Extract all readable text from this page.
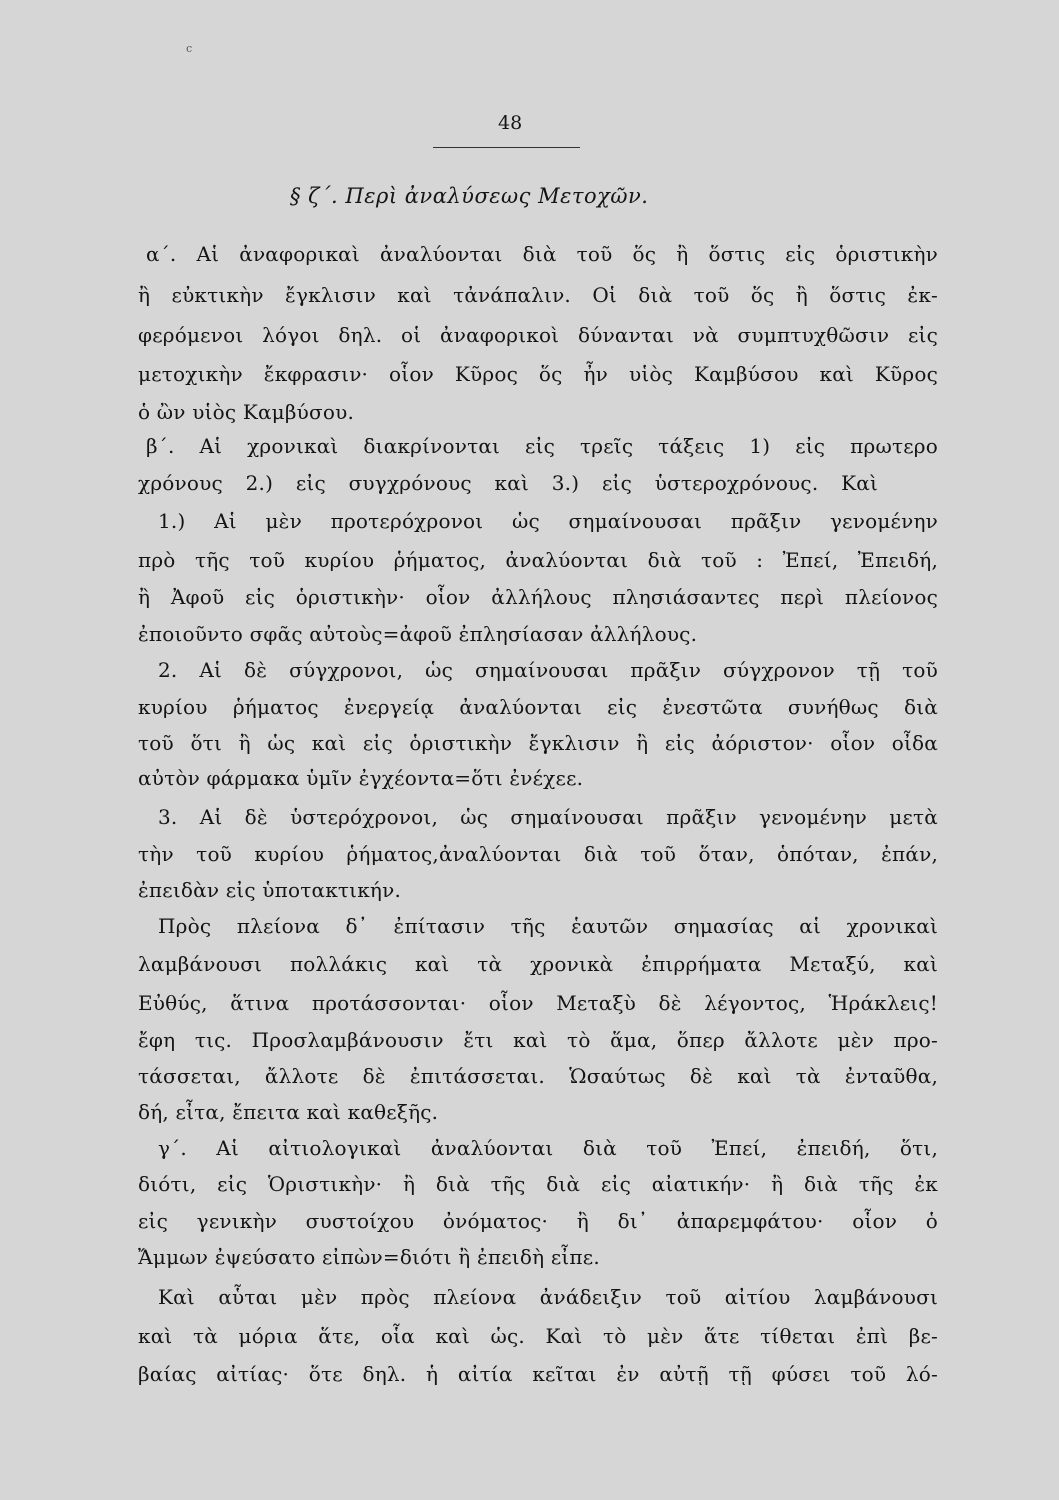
c
48
§ ζ΄. Περὶ ἀναλύσεως Μετοχῶν.
α΄. Αἱ ἀναφορικαὶ ἀναλύονται διὰ τοῦ ὅς ἢ ὅστις εἰς ὁριστικὴν
ἢ εὐκτικὴν ἔγκλισιν καὶ τἀνάπαλιν. Οἱ διὰ τοῦ ὅς ἢ ὅστις ἐκ-
φερόμενοι λόγοι δηλ. οἱ ἀναφορικοὶ δύνανται νὰ συμπτυχθῶσιν εἰς
μετοχικὴν ἔκφρασιν· οἷον Κῦρος ὅς ἦν υἱὸς Καμβύσου καὶ Κῦρος
ὁ ὢν υἱὸς Καμβύσου.
β΄. Αἱ χρονικαὶ διακρίνονται εἰς τρεῖς τάξεις 1) εἰς πρωτερο
χρόνους 2.) εἰς συγχρόνους καὶ 3.) εἰς ὑστεροχρόνους. Καὶ
1.) Αἱ μὲν προτερόχρονοι ὡς σημαίνουσαι πρᾶξιν γενομένην
πρὸ τῆς τοῦ κυρίου ῥήματος, ἀναλύονται διὰ τοῦ : Ἐπεί, Ἐπειδή,
ἢ Ἀφοῦ εἰς ὁριστικὴν· οἷον ἀλλήλους πλησιάσαντες περὶ πλείονος
ἐποιοῦντο σφᾶς αὐτοὺς=ἀφοῦ ἐπλησίασαν ἀλλήλους.
2. Αἱ δὲ σύγχρονοι, ὡς σημαίνουσαι πρᾶξιν σύγχρονον τῇ τοῦ
κυρίου ῥήματος ἐνεργείᾳ ἀναλύονται εἰς ἐνεστῶτα συνήθως διὰ
τοῦ ὅτι ἢ ὡς καὶ εἰς ὁριστικὴν ἔγκλισιν ἢ εἰς ἀόριστον· οἷον οἶδα
αὐτὸν φάρμακα ὑμῖν ἐγχέοντα=ὅτι ἐνέχεε.
3. Αἱ δὲ ὑστερόχρονοι, ὡς σημαίνουσαι πρᾶξιν γενομένην μετὰ
τὴν τοῦ κυρίου ῥήματος,ἀναλύονται διὰ τοῦ ὅταν, ὁπόταν, ἐπάν,
ἐπειδὰν εἰς ὑποτακτικήν.
Πρὸς πλείονα δ᾽ ἐπίτασιν τῆς ἑαυτῶν σημασίας αἱ χρονικαὶ
λαμβάνουσι πολλάκις καὶ τὰ χρονικὰ ἐπιρρήματα Μεταξύ, καὶ
Εὐθύς, ἅτινα προτάσσονται· οἷον Μεταξὺ δὲ λέγοντος, Ἡράκλεις!
ἔφη τις. Προσλαμβάνουσιν ἔτι καὶ τὸ ἅμα, ὅπερ ἄλλοτε μὲν προ-
τάσσεται, ἄλλοτε δὲ ἐπιτάσσεται. Ὡσαύτως δὲ καὶ τὰ ἐνταῦθα,
δή, εἶτα, ἔπειτα καὶ καθεξῆς.
γ΄. Αἱ αἰτιολογικαὶ ἀναλύονται διὰ τοῦ Ἐπεί, ἐπειδή, ὅτι,
διότι, εἰς Ὁριστικὴν· ἢ διὰ τῆς διὰ εἰς αἰατικήν· ἢ διὰ τῆς ἐκ
εἰς γενικὴν συστοίχου ὀνόματος· ἢ δι᾽ ἀπαρεμφάτου· οἷον ὁ
Ἄμμων ἐψεύσατο εἰπὼν=διότι ἢ ἐπειδὴ εἶπε.
Καὶ αὗται μὲν πρὸς πλείονα ἀνάδειξιν τοῦ αἰτίου λαμβάνουσι
καὶ τὰ μόρια ἅτε, οἷα καὶ ὡς. Καὶ τὸ μὲν ἅτε τίθεται ἐπὶ βε-
βαίας αἰτίας· ὅτε δηλ. ἡ αἰτία κεῖται ἐν αὐτῇ τῇ φύσει τοῦ λό-
